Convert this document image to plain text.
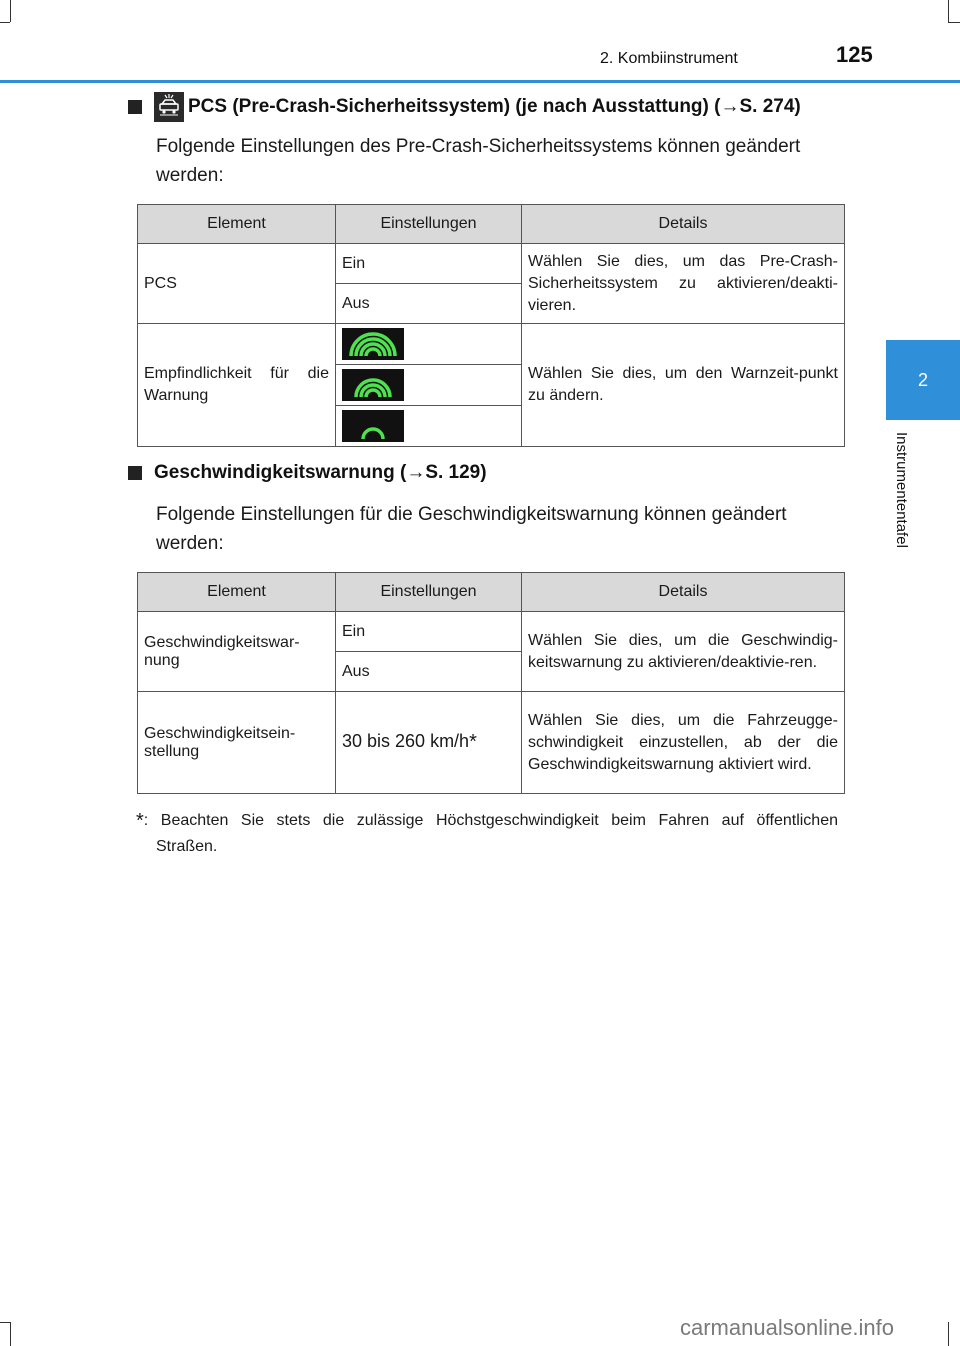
2. Kombiinstrument	125
2
Instrumententafel
PCS (Pre-Crash-Sicherheitssystem) (je nach Ausstattung) (→S. 274)
Folgende Einstellungen des Pre-Crash-Sicherheitssystems können geändert werden:
Element	Einstellungen	Details
PCS	Ein	Wählen Sie dies, um das Pre-Crash-Sicherheitssystem zu aktivieren/deakti-vieren.
	Aus	
Empfindlichkeit für die Warnung		Wählen Sie dies, um den Warnzeit-punkt zu ändern.

Geschwindigkeitswarnung (→S. 129)
Folgende Einstellungen für die Geschwindigkeitswarnung können geändert werden:
Element	Einstellungen	Details
Geschwindigkeitswar-nung	Ein	Wählen Sie dies, um die Geschwindig-keitswarnung zu aktivieren/deaktivie-ren.
	Aus	
Geschwindigkeitsein-stellung	30 bis 260 km/h*	Wählen Sie dies, um die Fahrzeugge-schwindigkeit einzustellen, ab der die Geschwindigkeitswarnung aktiviert wird.
*: Beachten Sie stets die zulässige Höchstgeschwindigkeit beim Fahren auf öffentlichen
Straßen.
carmanualsonline.info
